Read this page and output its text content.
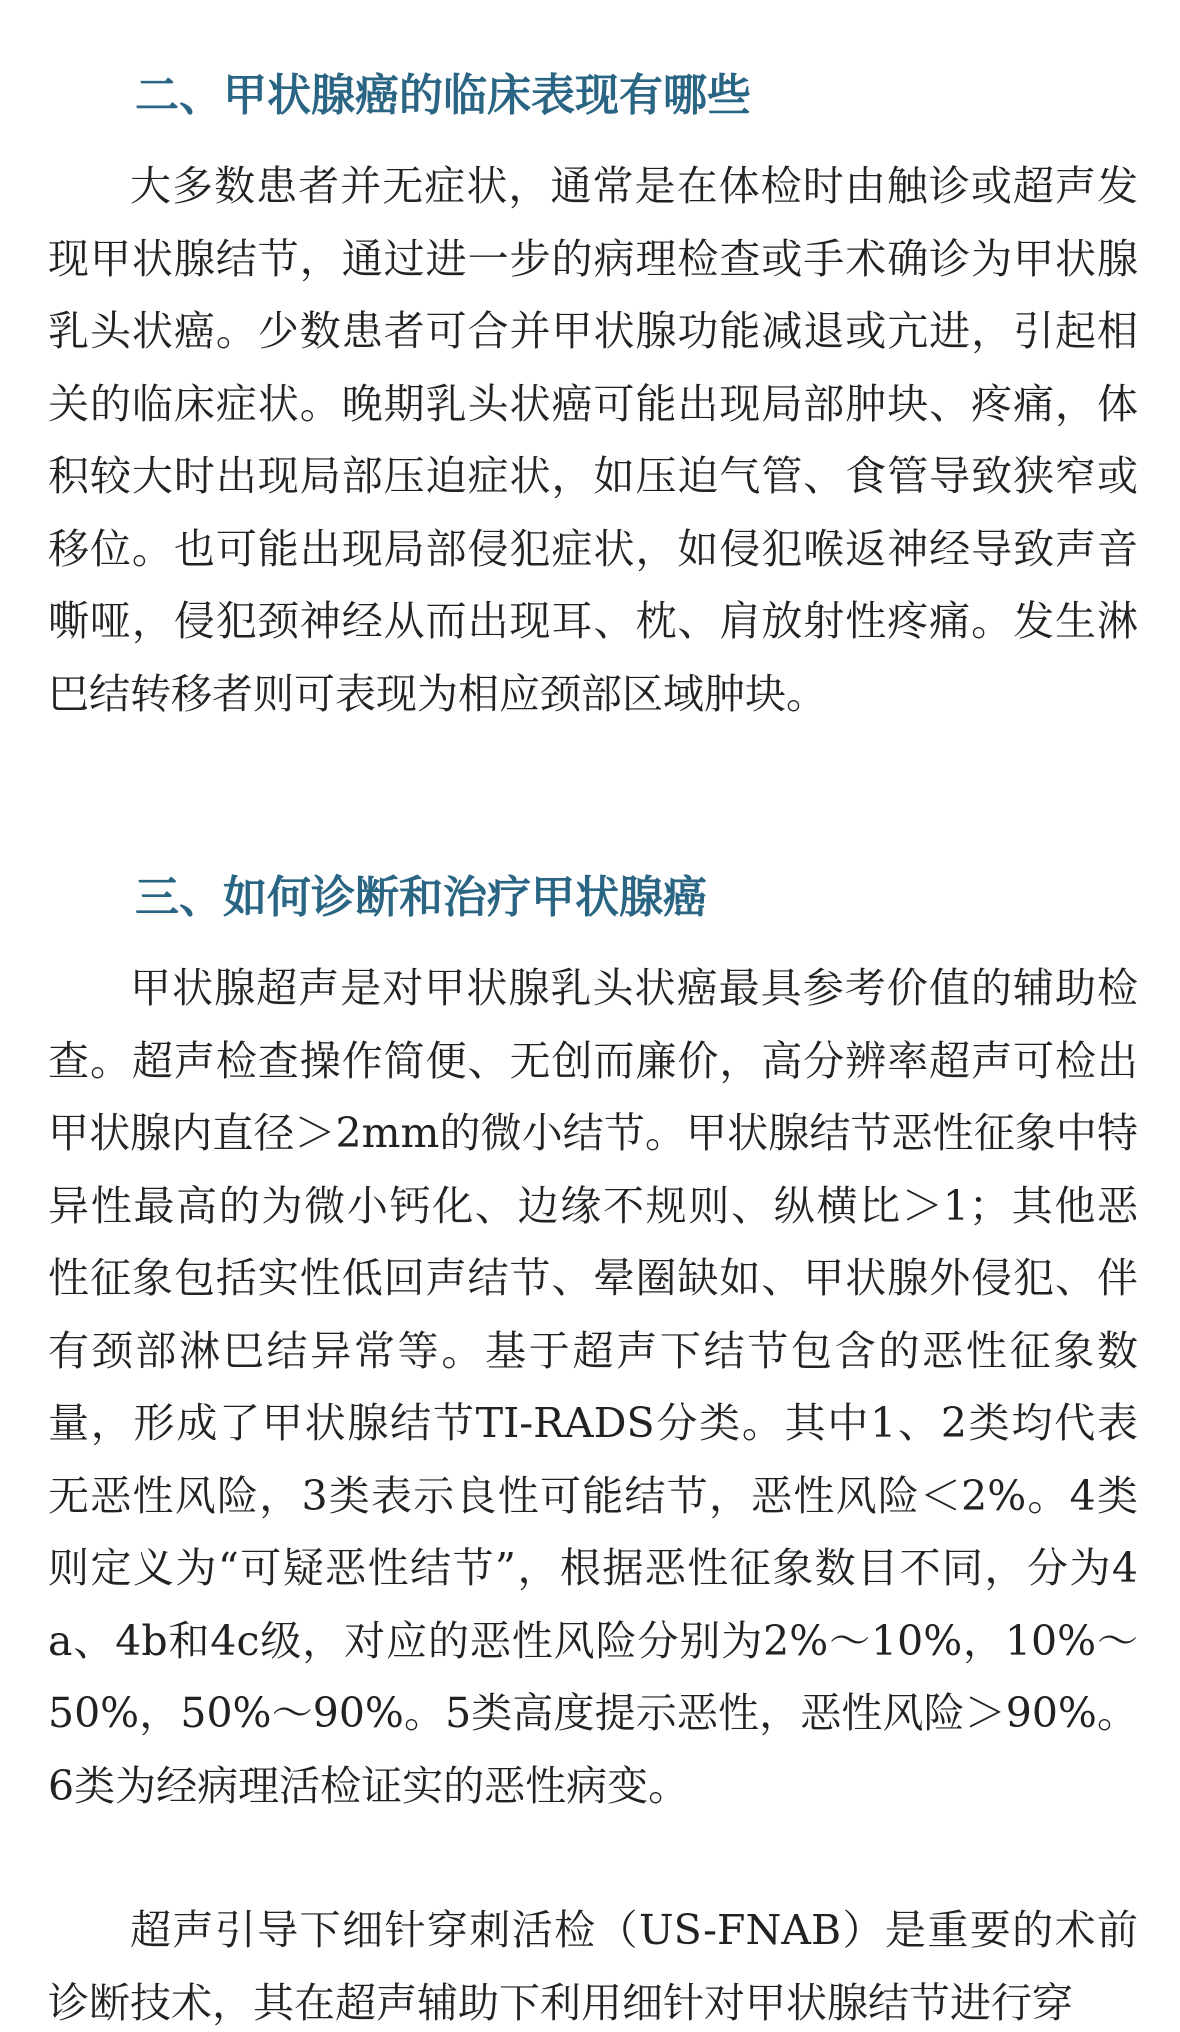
二、甲状腺癌的临床表现有哪些

大多数患者并无症状，通常是在体检时由触诊或超声发现甲状腺结节，通过进一步的病理检查或手术确诊为甲状腺乳头状癌。少数患者可合并甲状腺功能减退或亢进，引起相关的临床症状。晚期乳头状癌可能出现局部肿块、疼痛，体积较大时出现局部压迫症状，如压迫气管、食管导致狭窄或移位。也可能出现局部侵犯症状，如侵犯喉返神经导致声音嘶哑，侵犯颈神经从而出现耳、枕、肩放射性疼痛。发生淋巴结转移者则可表现为相应颈部区域肿块。

三、如何诊断和治疗甲状腺癌

甲状腺超声是对甲状腺乳头状癌最具参考价值的辅助检查。超声检查操作简便、无创而廉价，高分辨率超声可检出甲状腺内直径＞2mm的微小结节。甲状腺结节恶性征象中特异性最高的为微小钙化、边缘不规则、纵横比＞1；其他恶性征象包括实性低回声结节、晕圈缺如、甲状腺外侵犯、伴有颈部淋巴结异常等。基于超声下结节包含的恶性征象数量，形成了甲状腺结节TI-RADS分类。其中1、2类均代表无恶性风险，3类表示良性可能结节，恶性风险＜2%。4类则定义为“可疑恶性结节”，根据恶性征象数目不同，分为4a、4b和4c级，对应的恶性风险分别为2%～10%，10%～50%，50%～90%。5类高度提示恶性，恶性风险＞90%。6类为经病理活检证实的恶性病变。

超声引导下细针穿刺活检（US-FNAB）是重要的术前诊断技术，其在超声辅助下利用细针对甲状腺结节进行穿
